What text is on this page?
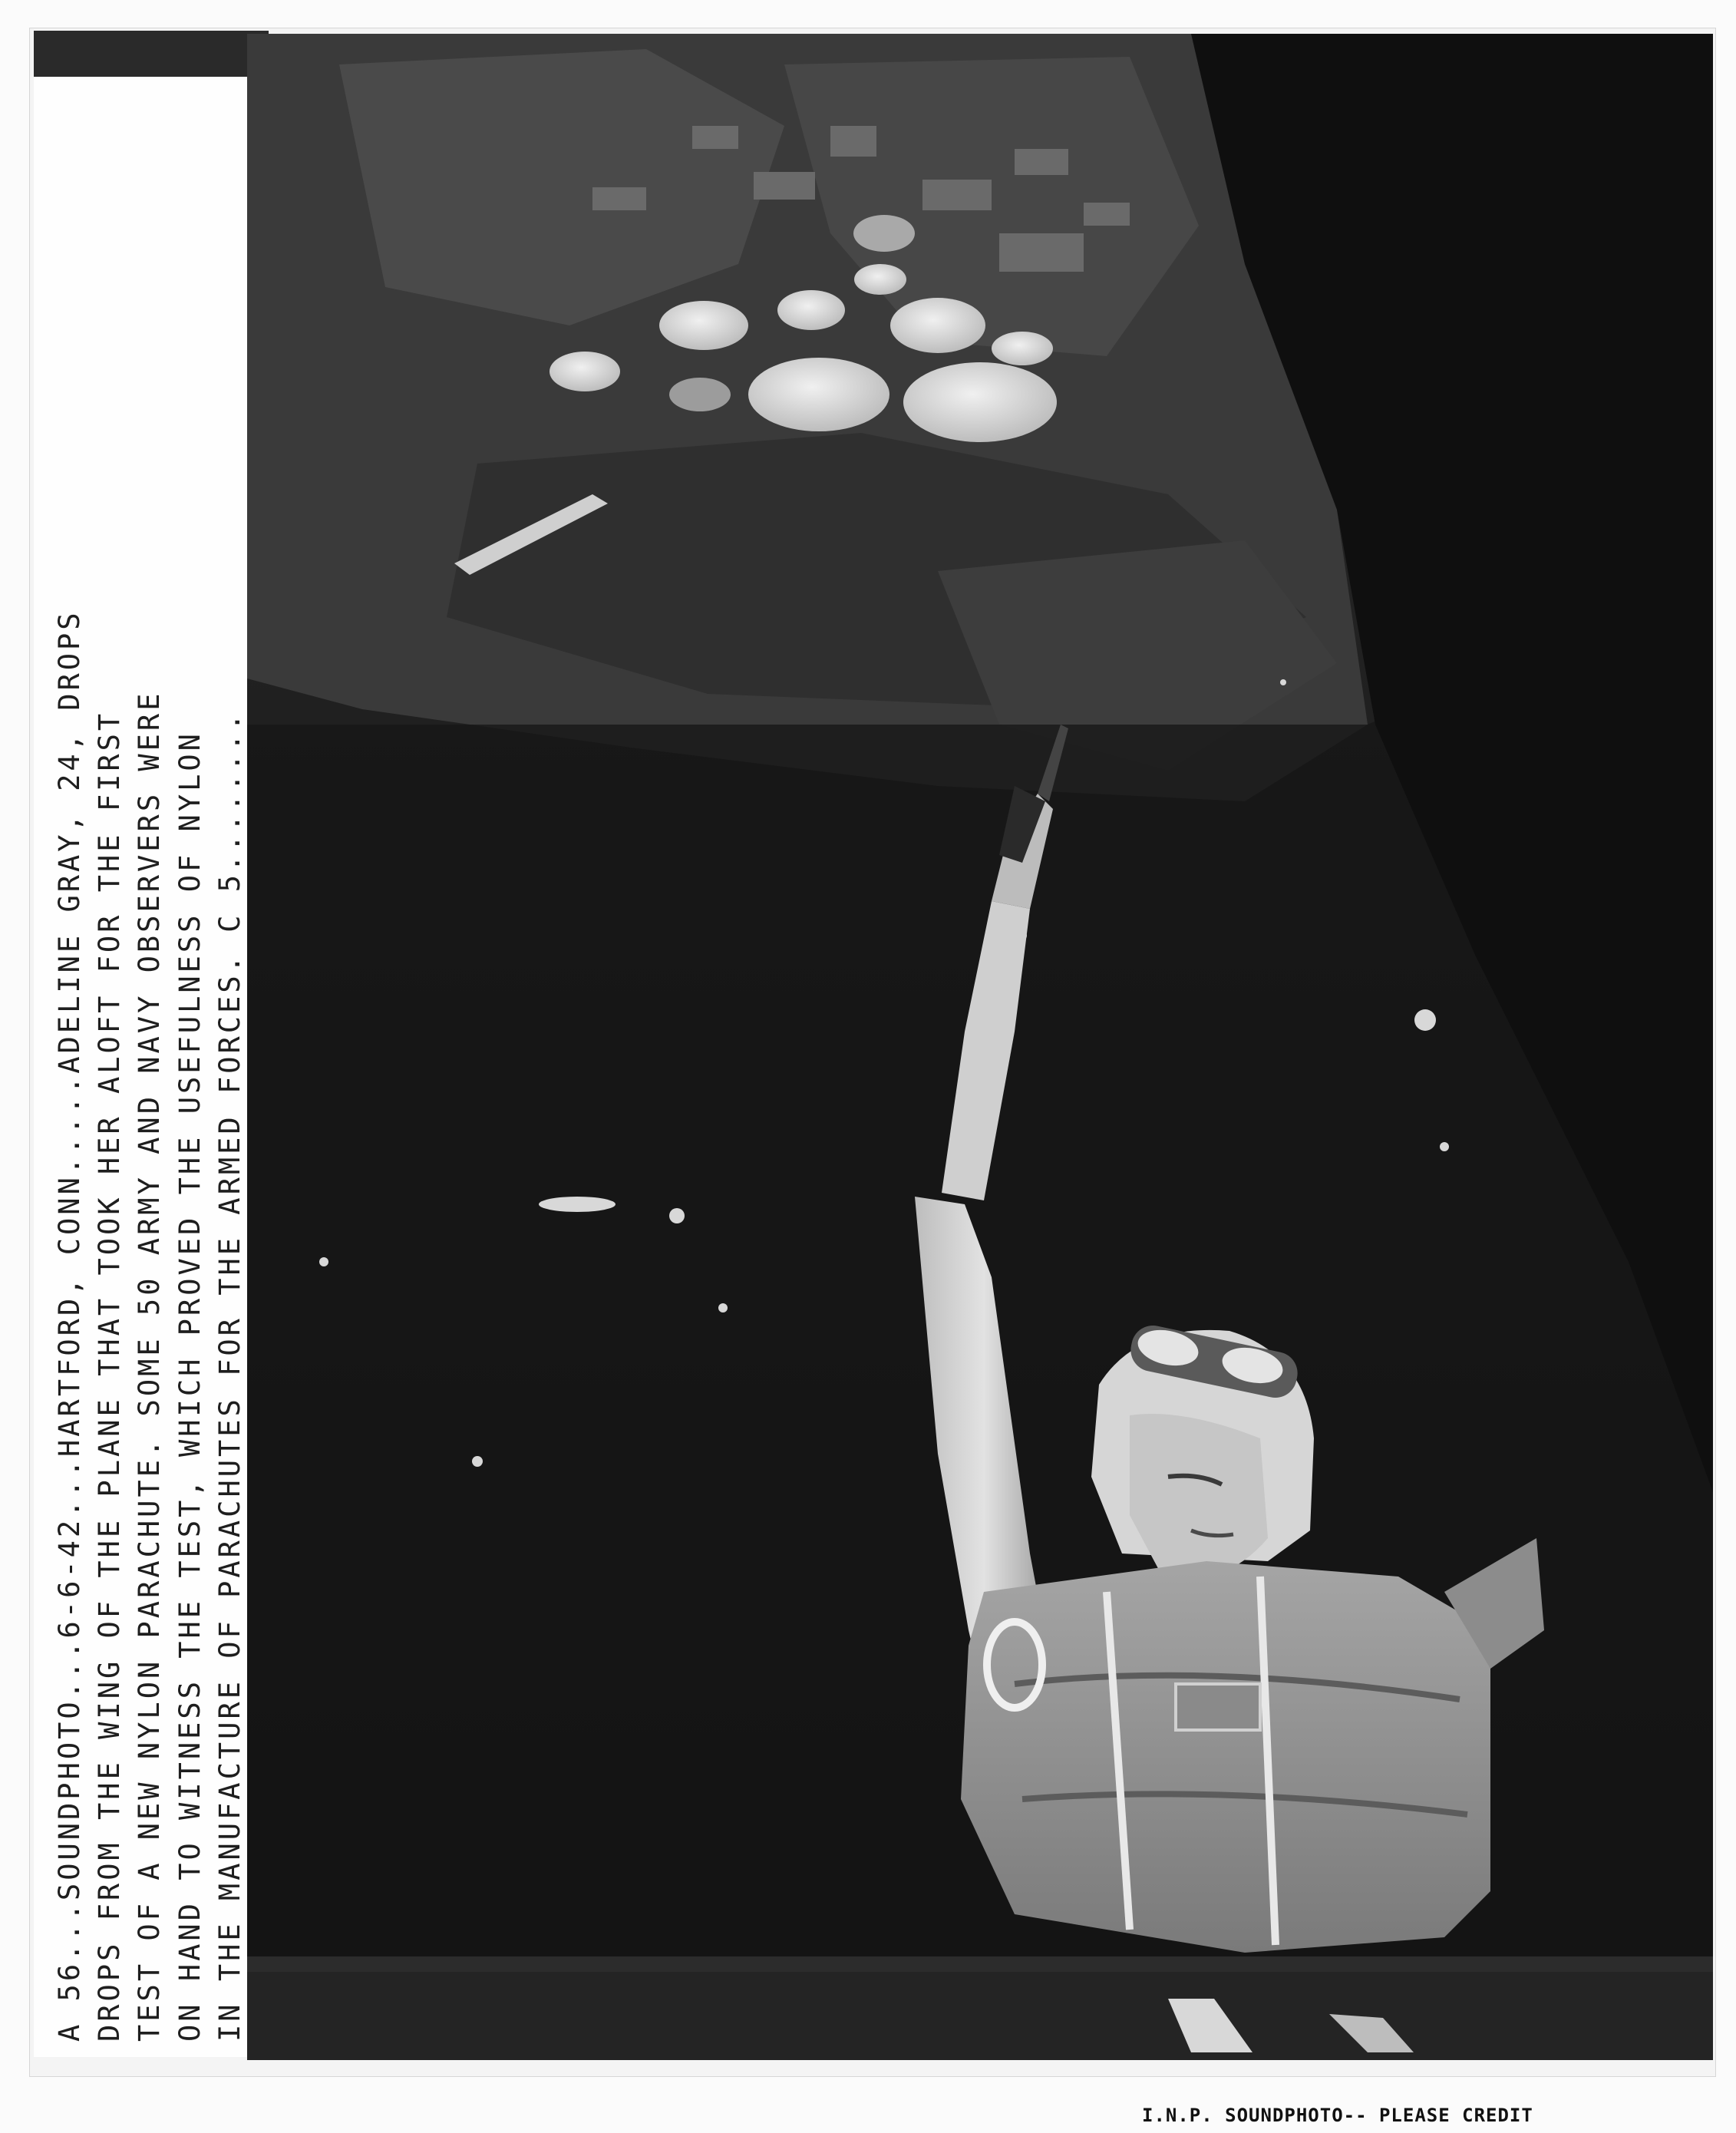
A 56...SOUNDPHOTO...6-6-42...HARTFORD, CONN.....ADELINE GRAY, 24, DROPS DROPS FROM THE WING OF THE PLANE THAT TOOK HER ALOFT FOR THE FIRST TEST OF A NEW NYLON PARACHUTE. SOME 50 ARMY AND NAVY OBSERVERS WERE ON HAND TO WITNESS THE TEST, WHICH PROVED THE USEFULNESS OF NYLON IN THE MANUFACTURE OF PARACHUTES FOR THE ARMED FORCES. C 5........
I.N.P. SOUNDPHOTO-- PLEASE CREDIT
